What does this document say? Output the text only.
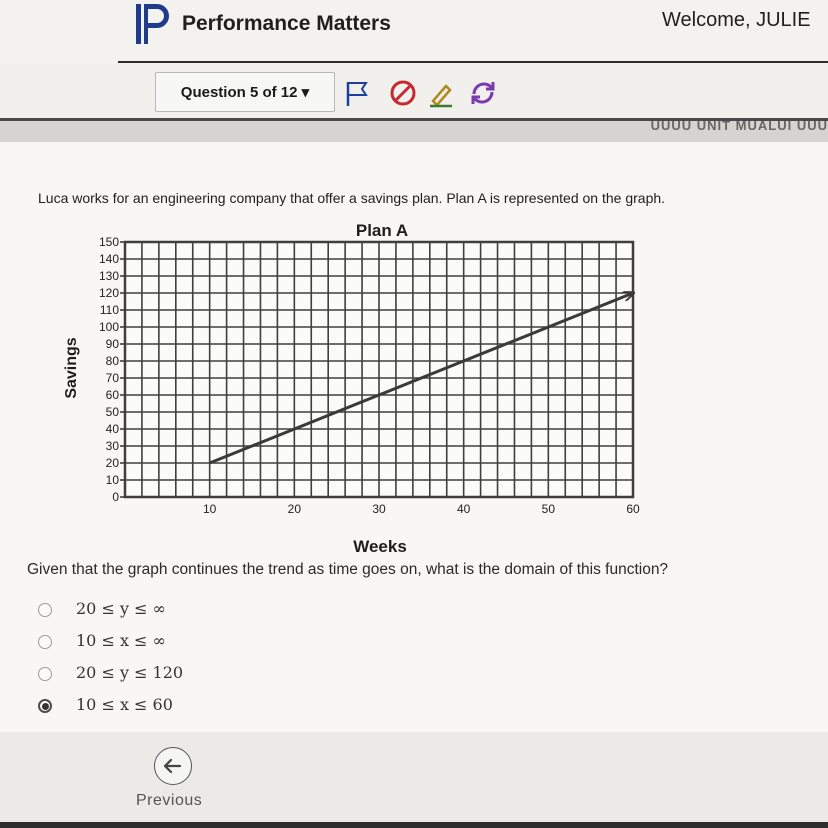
Performance Matters	Welcome, JULIE
Question 5 of 12 ▾
UUUU UNIT MUALUI UUU
Luca works for an engineering company that offer a savings plan. Plan A is represented on the graph.
Plan A
0
10
20
30
40
50
60
70
80
90
100
110
120
130
140
150
10	20	30	40	50	60
Weeks
Savings
Given that the graph continues the trend as time goes on, what is the domain of this function?
20 ≤ y ≤ ∞
10 ≤ x ≤ ∞
20 ≤ y ≤ 120
10 ≤ x ≤ 60
Previous
